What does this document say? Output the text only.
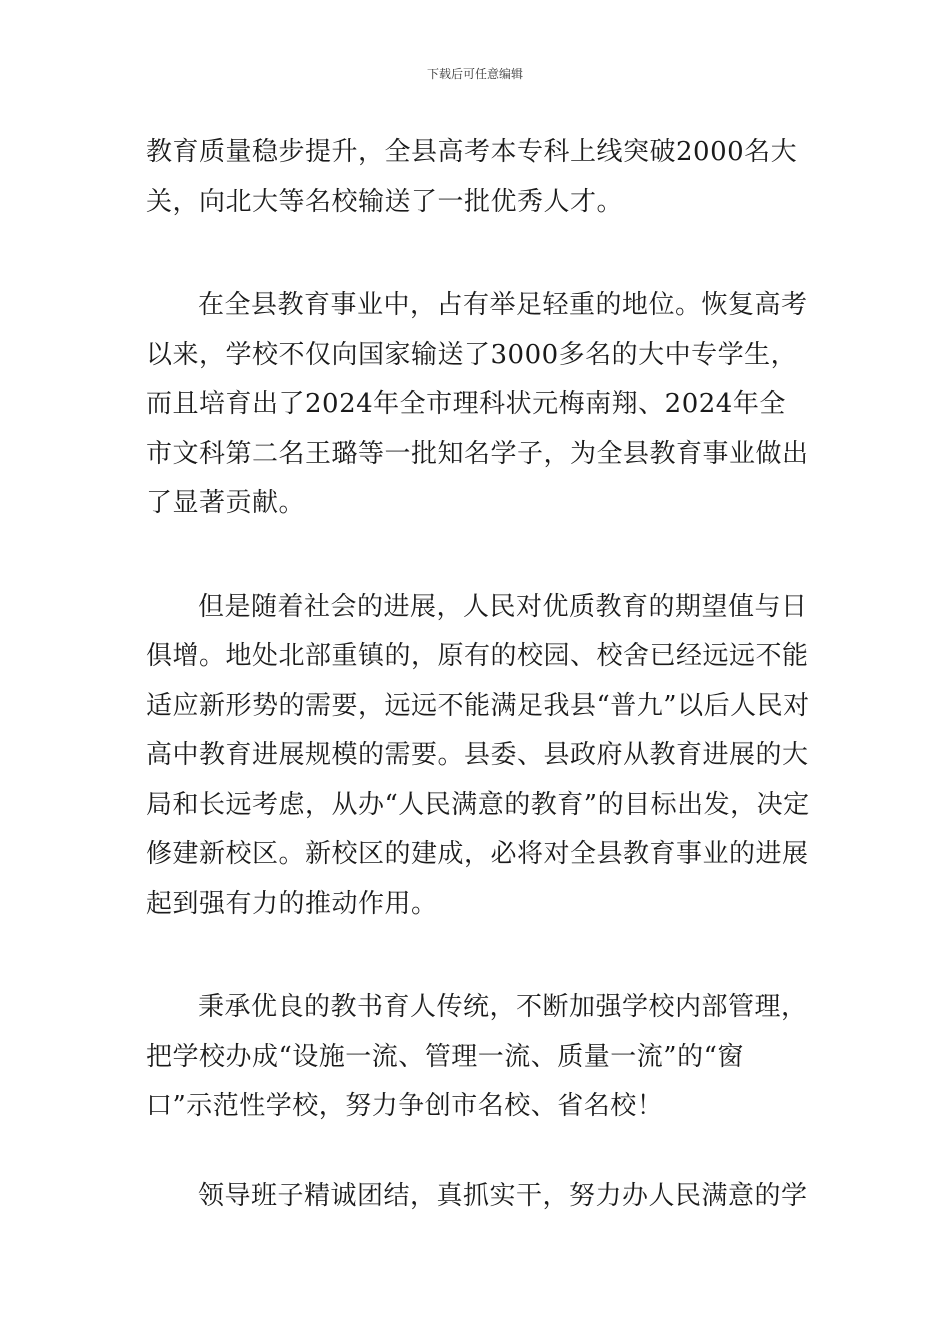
下载后可任意编辑

教育质量稳步提升，全县高考本专科上线突破2000名大关，向北大等名校输送了一批优秀人才。

在全县教育事业中，占有举足轻重的地位。恢复高考以来，学校不仅向国家输送了3000多名的大中专学生，而且培育出了2024年全市理科状元梅南翔、2024年全市文科第二名王璐等一批知名学子，为全县教育事业做出了显著贡献。

但是随着社会的进展，人民对优质教育的期望值与日俱增。地处北部重镇的，原有的校园、校舍已经远远不能适应新形势的需要，远远不能满足我县“普九”以后人民对高中教育进展规模的需要。县委、县政府从教育进展的大局和长远考虑，从办“人民满意的教育”的目标出发，决定修建新校区。新校区的建成，必将对全县教育事业的进展起到强有力的推动作用。

秉承优良的教书育人传统，不断加强学校内部管理，把学校办成“设施一流、管理一流、质量一流”的“窗口”示范性学校，努力争创市名校、省名校！

领导班子精诚团结，真抓实干，努力办人民满意的学
